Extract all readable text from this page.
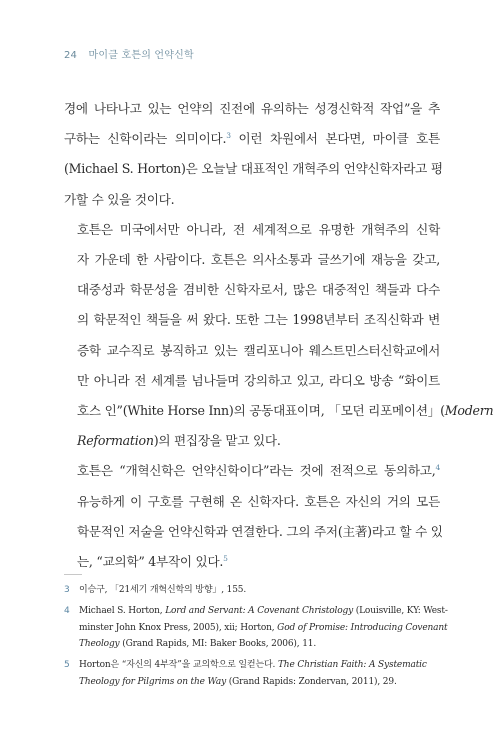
24 마이클 호튼의 언약신학

경에 나타나고 있는 언약의 진전에 유의하는 성경신학적 작업”을 추
구하는 신학이라는 의미이다.$^3$ 이런 차원에서 본다면, 마이클 호튼
(Michael S. Horton)은 오늘날 대표적인 개혁주의 언약신학자라고 평
가할 수 있을 것이다.

호튼은 미국에서만 아니라, 전 세계적으로 유명한 개혁주의 신학
자 가운데 한 사람이다. 호튼은 의사소통과 글쓰기에 재능을 갖고,
대중성과 학문성을 겸비한 신학자로서, 많은 대중적인 책들과 다수
의 학문적인 책들을 써 왔다. 또한 그는 1998년부터 조직신학과 변
증학 교수직로 봉직하고 있는 캘리포니아 웨스트민스터신학교에서
만 아니라 전 세계를 넘나들며 강의하고 있고, 라디오 방송 “화이트
호스 인”(White Horse Inn)의 공동대표이며, 「모던 리포메이션」(Modern
Reformation)의 편집장을 맡고 있다.

호튼은 “개혁신학은 언약신학이다”라는 것에 전적으로 동의하고,$^4$
유능하게 이 구호를 구현해 온 신학자다. 호튼은 자신의 거의 모든
학문적인 저술을 언약신학과 연결한다. 그의 주저(主著)라고 할 수 있
는, “교의학” 4부작이 있다.$^5$

3	이승구, 「21세기 개혁신학의 방향」, 155.
4	Michael S. Horton, Lord and Servant: A Covenant Christology (Louisville, KY: West-
minster John Knox Press, 2005), xii; Horton, God of Promise: Introducing Covenant
Theology (Grand Rapids, MI: Baker Books, 2006), 11.
5	Horton은 “자신의 4부작”을 교의학으로 일컫는다. The Christian Faith: A Systematic
Theology for Pilgrims on the Way (Grand Rapids: Zondervan, 2011), 29.
